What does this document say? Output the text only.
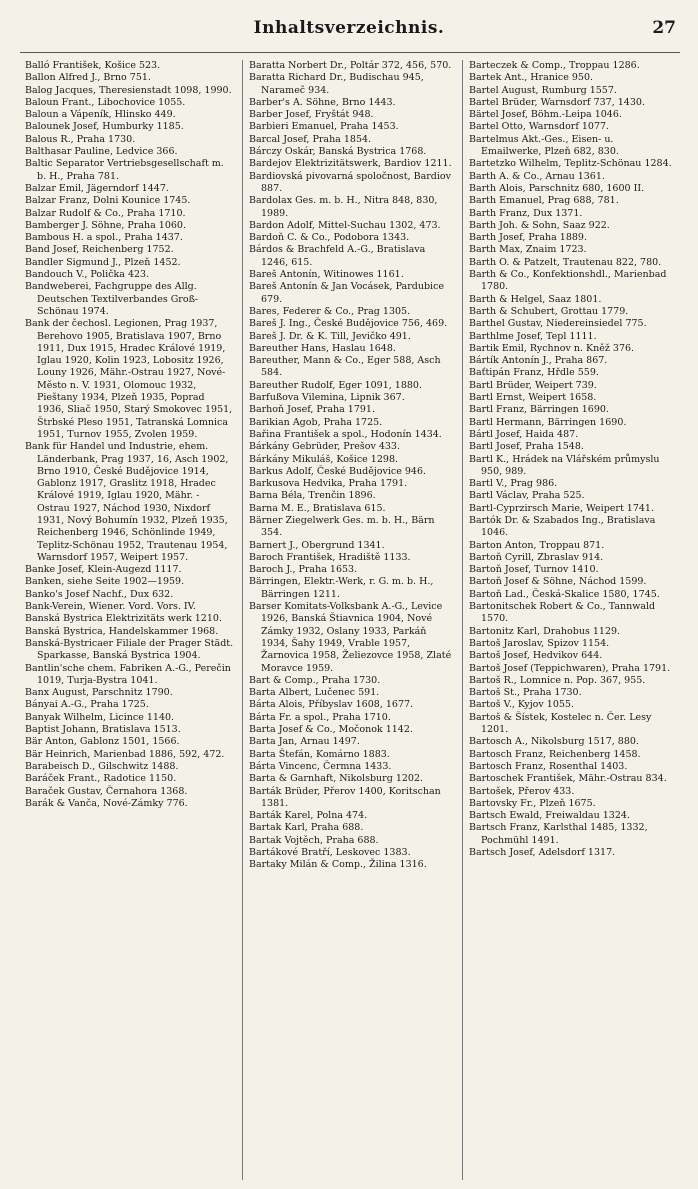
Inhaltsverzeichnis.	27
Balló František, Košice 523.
Ballon Alfred J., Brno 751.
Balog Jacques, Theresienstadt 1098, 1990.
Baloun Frant., Libochovice 1055.
Baloun a Vápeník, Hlinsko 449.
Balounek Josef, Humburky 1185.
Balous R., Praha 1730.
Balthasar Pauline, Ledvice 366.
Baltic Separator Vertriebsgesellschaft m. b. H., Praha 781.
Balzar Emil, Jägerndorf 1447.
Balzar Franz, Dolni Kounice 1745.
Balzar Rudolf & Co., Praha 1710.
Bamberger J. Söhne, Praha 1060.
Bambous H. a spol., Praha 1437.
Band Josef, Reichenberg 1752.
Bandler Sigmund J., Plzeň 1452.
Bandouch V., Polička 423.
Bandweberei, Fachgruppe des Allg. Deutschen Textilverbandes Groß-Schönau 1974.
Bank der čechosl. Legionen, Prag 1937, Berehovo 1905, Bratislava 1907, Brno 1911, Dux 1915, Hradec Králové 1919, Iglau 1920, Kolin 1923, Lobositz 1926, Louny 1926, Mähr.-Ostrau 1927, Nové-Město n. V. 1931, Olomouc 1932, Pieštany 1934, Plzeň 1935, Poprad 1936, Sliač 1950, Starý Smokovec 1951, Štrbské Pleso 1951, Tatranská Lomnica 1951, Turnov 1955, Zvolen 1959.
Bank für Handel und Industrie, ehem. Länderbank, Prag 1937, 16, Asch 1902, Brno 1910, České Budějovice 1914, Gablonz 1917, Graslitz 1918, Hradec Králové 1919, Iglau 1920, Mähr. - Ostrau 1927, Náchod 1930, Nixdorf 1931, Nový Bohumín 1932, Plzeň 1935, Reichenberg 1946, Schönlinde 1949, Teplitz-Schönau 1952, Trautenau 1954, Warnsdorf 1957, Weipert 1957.
Banke Josef, Klein-Augezd 1117.
Banken, siehe Seite 1902—1959.
Banko's Josef Nachf., Dux 632.
Bank-Verein, Wiener. Vord. Vors. IV.
Banská Bystrica Elektrizitäts werk 1210.
Banská Bystrica, Handelskammer 1968.
Banská-Bystricaer Filiale der Prager Städt. Sparkasse, Banská Bystrica 1904.
Bantlin'sche chem. Fabriken A.-G., Perečin 1019, Turja-Bystra 1041.
Banx August, Parschnitz 1790.
Bányai A.-G., Praha 1725.
Banyak Wilhelm, Licince 1140.
Baptist Johann, Bratislava 1513.
Bär Anton, Gablonz 1501, 1566.
Bär Heinrich, Marienbad 1886, 592, 472.
Barabeisch D., Gilschwitz 1488.
Baráček Frant., Radotice 1150.
Baraček Gustav, Černahora 1368.
Barák & Vanča, Nové-Zámky 776.
Baratta Norbert Dr., Poltár 372, 456, 570.
Baratta Richard Dr., Budischau 945, Narameč 934.
Barber's A. Söhne, Brno 1443.
Barber Josef, Fryštát 948.
Barbieri Emanuel, Praha 1453.
Barcal Josef, Praha 1854.
Bárczy Oskár, Banská Bystrica 1768.
Bardejov Elektrizitätswerk, Bardiov 1211.
Bardiovská pivovarná spoločnost, Bardiov 887.
Bardolax Ges. m. b. H., Nitra 848, 830, 1989.
Bardon Adolf, Mittel-Suchau 1302, 473.
Bardoň C. & Co., Podobora 1343.
Bárdos & Brachfeld A.-G., Bratislava 1246, 615.
Bareš Antonín, Witinowes 1161.
Bareš Antonín & Jan Vocásek, Pardubice 679.
Bares, Federer & Co., Prag 1305.
Bareš J. Ing., České Budějovice 756, 469.
Bareš J. Dr. & K. Till, Jevičko 491.
Bareuther Hans, Haslau 1648.
Bareuther, Mann & Co., Eger 588, Asch 584.
Bareuther Rudolf, Eger 1091, 1880.
Barfußova Vilemina, Lipnik 367.
Barhoň Josef, Praha 1791.
Barikian Agob, Praha 1725.
Bařina František a spol., Hodonín 1434.
Bárkány Gebrüder, Prešov 433.
Bárkány Mikuláš, Košice 1298.
Barkus Adolf, České Budějovice 946.
Barkusova Hedvika, Praha 1791.
Barna Béla, Trenčin 1896.
Barna M. E., Bratislava 615.
Bärner Ziegelwerk Ges. m. b. H., Bärn 354.
Barnert J., Obergrund 1341.
Baroch František, Hradiště 1133.
Baroch J., Praha 1653.
Bärringen, Elektr.-Werk, r. G. m. b. H., Bärringen 1211.
Barser Komitats-Volksbank A.-G., Levice 1926, Banská Štiavnica 1904, Nové Zámky 1932, Oslany 1933, Parkáň 1934, Šahy 1949, Vrable 1957, Žarnovica 1958, Želiezovce 1958, Zlaté Moravce 1959.
Bart & Comp., Praha 1730.
Barta Albert, Lučenec 591.
Bárta Alois, Příbyslav 1608, 1677.
Bárta Fr. a spol., Praha 1710.
Barta Josef & Co., Močonok 1142.
Barta Jan, Arnau 1497.
Barta Štefán, Komárno 1883.
Bárta Vincenc, Čermna 1433.
Barta & Garnhaft, Nikolsburg 1202.
Barták Brüder, Přerov 1400, Koritschan 1381.
Barták Karel, Polna 474.
Bartak Karl, Praha 688.
Bartak Vojtěch, Praha 688.
Bartákové Bratří, Leskovec 1383.
Bartaky Milán & Comp., Žilina 1316.
Barteczek & Comp., Troppau 1286.
Bartek Ant., Hranice 950.
Bartel August, Rumburg 1557.
Bartel Brüder, Warnsdorf 737, 1430.
Bärtel Josef, Böhm.-Leipa 1046.
Bartel Otto, Warnsdorf 1077.
Bartelmus Akt.-Ges., Eisen- u. Emailwerke, Plzeň 682, 830.
Bartetzko Wilhelm, Teplitz-Schönau 1284.
Barth A. & Co., Arnau 1361.
Barth Alois, Parschnitz 680, 1600 II.
Barth Emanuel, Prag 688, 781.
Barth Franz, Dux 1371.
Barth Joh. & Sohn, Saaz 922.
Barth Josef, Praha 1889.
Barth Max, Znaim 1723.
Barth O. & Patzelt, Trautenau 822, 780.
Barth & Co., Konfektionshdl., Marienbad 1780.
Barth & Helgel, Saaz 1801.
Barth & Schubert, Grottau 1779.
Barthel Gustav, Niedereinsiedel 775.
Barthlme Josef, Tepl 1111.
Bartik Emil, Rychnov n. Kněž 376.
Bártík Antonín J., Praha 867.
Baťtipán Franz, Hřdle 559.
Bartl Brüder, Weipert 739.
Bartl Ernst, Weipert 1658.
Bartl Franz, Bärringen 1690.
Bartl Hermann, Bärringen 1690.
Bártl Josef, Haida 487.
Bartl Josef, Praha 1548.
Bartl K., Hrádek na Vlářském průmyslu 950, 989.
Bartl V., Prag 986.
Bartl Václav, Praha 525.
Bartl-Cyprzirsch Marie, Weipert 1741.
Bartók Dr. & Szabados Ing., Bratislava 1046.
Barton Anton, Troppau 871.
Bartoň Cyrill, Zbraslav 914.
Bartoň Josef, Turnov 1410.
Bartoň Josef & Söhne, Náchod 1599.
Bartoň Lad., Česká-Skalice 1580, 1745.
Bartonitschek Robert & Co., Tannwald 1570.
Bartonitz Karl, Drahobus 1129.
Bartoš Jaroslav, Spizov 1154.
Bartoš Josef, Hedvikov 644.
Bartoš Josef (Teppichwaren), Praha 1791.
Bartoš R., Lomnice n. Pop. 367, 955.
Bartoš St., Praha 1730.
Bartoš V., Kyjov 1055.
Bartoš & Šístek, Kostelec n. Čer. Lesy 1201.
Bartosch A., Nikolsburg 1517, 880.
Bartosch Franz, Reichenberg 1458.
Bartosch Franz, Rosenthal 1403.
Bartoschek František, Mähr.-Ostrau 834.
Bartošek, Přerov 433.
Bartovsky Fr., Plzeň 1675.
Bartsch Ewald, Freiwaldau 1324.
Bartsch Franz, Karlsthal 1485, 1332, Pochmühl 1491.
Bartsch Josef, Adelsdorf 1317.
